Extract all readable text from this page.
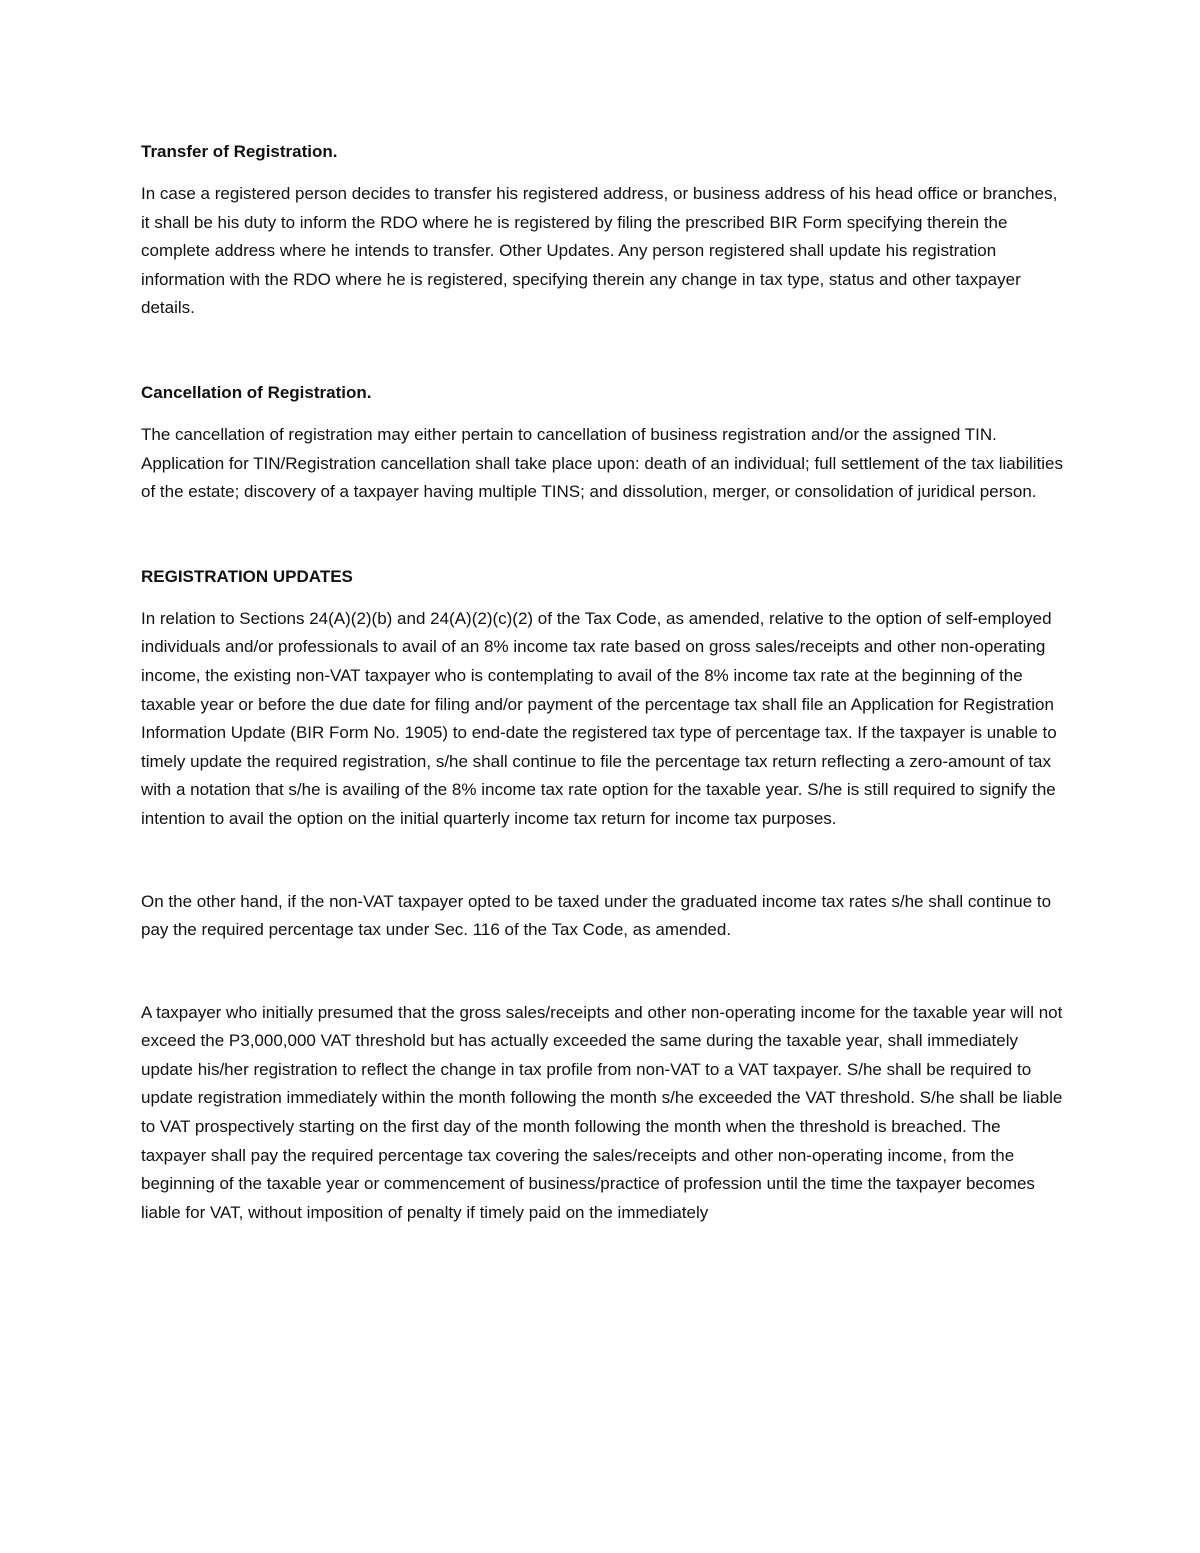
Transfer of Registration.

In case a registered person decides to transfer his registered address, or business address of his head office or branches, it shall be his duty to inform the RDO where he is registered by filing the prescribed BIR Form specifying therein the complete address where he intends to transfer. Other Updates. Any person registered shall update his registration information with the RDO where he is registered, specifying therein any change in tax type, status and other taxpayer details.

Cancellation of Registration.

The cancellation of registration may either pertain to cancellation of business registration and/or the assigned TIN. Application for TIN/Registration cancellation shall take place upon: death of an individual; full settlement of the tax liabilities of the estate; discovery of a taxpayer having multiple TINS; and dissolution, merger, or consolidation of juridical person.

REGISTRATION UPDATES

In relation to Sections 24(A)(2)(b) and 24(A)(2)(c)(2) of the Tax Code, as amended, relative to the option of self-employed individuals and/or professionals to avail of an 8% income tax rate based on gross sales/receipts and other non-operating income, the existing non-VAT taxpayer who is contemplating to avail of the 8% income tax rate at the beginning of the taxable year or before the due date for filing and/or payment of the percentage tax shall file an Application for Registration Information Update (BIR Form No. 1905) to end-date the registered tax type of percentage tax. If the taxpayer is unable to timely update the required registration, s/he shall continue to file the percentage tax return reflecting a zero-amount of tax with a notation that s/he is availing of the 8% income tax rate option for the taxable year. S/he is still required to signify the intention to avail the option on the initial quarterly income tax return for income tax purposes.

On the other hand, if the non-VAT taxpayer opted to be taxed under the graduated income tax rates s/he shall continue to pay the required percentage tax under Sec. 116 of the Tax Code, as amended.

A taxpayer who initially presumed that the gross sales/receipts and other non-operating income for the taxable year will not exceed the P3,000,000 VAT threshold but has actually exceeded the same during the taxable year, shall immediately update his/her registration to reflect the change in tax profile from non-VAT to a VAT taxpayer. S/he shall be required to update registration immediately within the month following the month s/he exceeded the VAT threshold. S/he shall be liable to VAT prospectively starting on the first day of the month following the month when the threshold is breached. The taxpayer shall pay the required percentage tax covering the sales/receipts and other non-operating income, from the beginning of the taxable year or commencement of business/practice of profession until the time the taxpayer becomes liable for VAT, without imposition of penalty if timely paid on the immediately
